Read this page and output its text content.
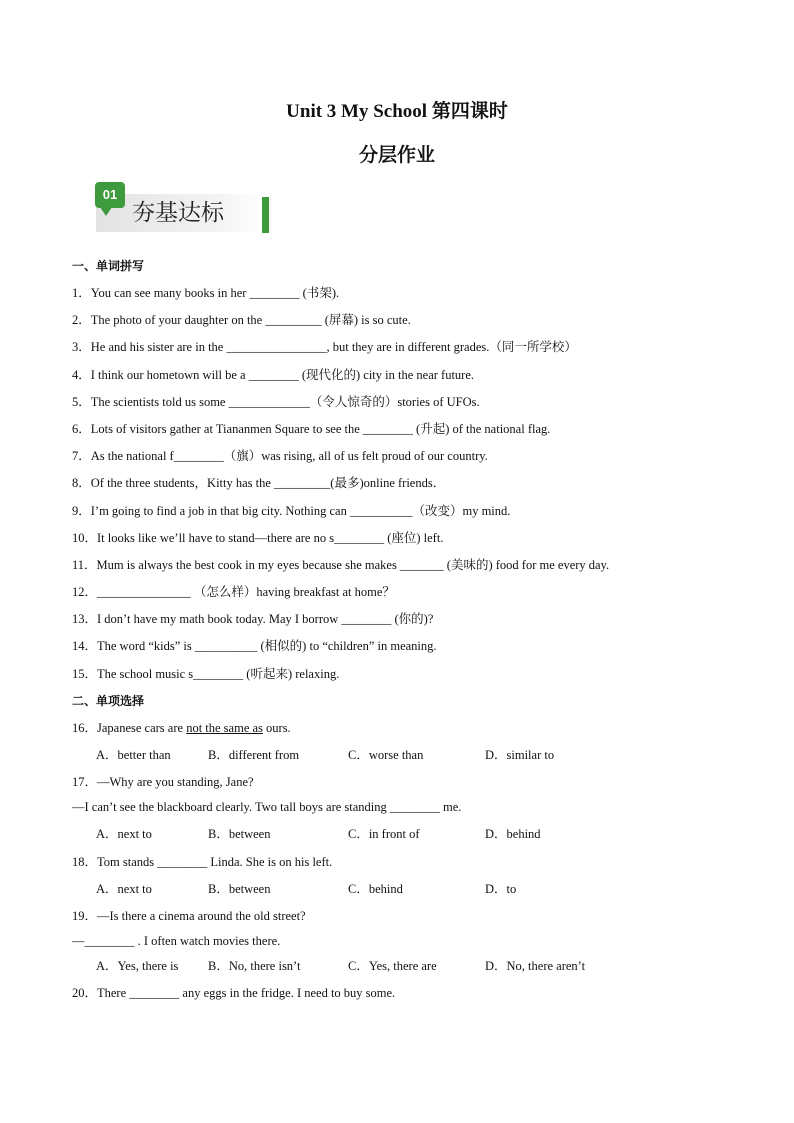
Unit 3 My School 第四课时
分层作业
01
夯基达标
一、单词拼写
1．You can see many books in her ________ (书架).
2．The photo of your daughter on the _________ (屏幕) is so cute.
3．He and his sister are in the ________________, but they are in different grades.（同一所学校）
4．I think our hometown will be a ________ (现代化的) city in the near future.
5．The scientists told us some _____________（令人惊奇的）stories of UFOs.
6．Lots of visitors gather at Tiananmen Square to see the ________ (升起) of the national flag.
7．As the national f________（旗）was rising, all of us felt proud of our country.
8．Of the three students，Kitty has the _________(最多)online friends．
9．I’m going to find a job in that big city. Nothing can __________（改变）my mind.
10．It looks like we’ll have to stand—there are no s________ (座位) left.
11．Mum is always the best cook in my eyes because she makes _______ (美味的) food for me every day.
12．_______________ （怎么样）having breakfast at home？
13．I don’t have my math book today. May I borrow ________ (你的)?
14．The word “kids” is __________ (相似的) to “children” in meaning.
15．The school music s________ (听起来) relaxing.
二、单项选择
16．Japanese cars are not the same as ours.
A．better than	B．different from	C．worse than	D．similar to
17．—Why are you standing, Jane?
—I can’t see the blackboard clearly. Two tall boys are standing ________ me.
A．next to	B．between	C．in front of	D．behind
18．Tom stands ________ Linda. She is on his left.
A．next to	B．between	C．behind	D．to
19．—Is there a cinema around the old street?
—________ . I often watch movies there.
A．Yes, there is B．No, there isn’t	C．Yes, there are	D．No, there aren’t
20．There ________ any eggs in the fridge. I need to buy some.
